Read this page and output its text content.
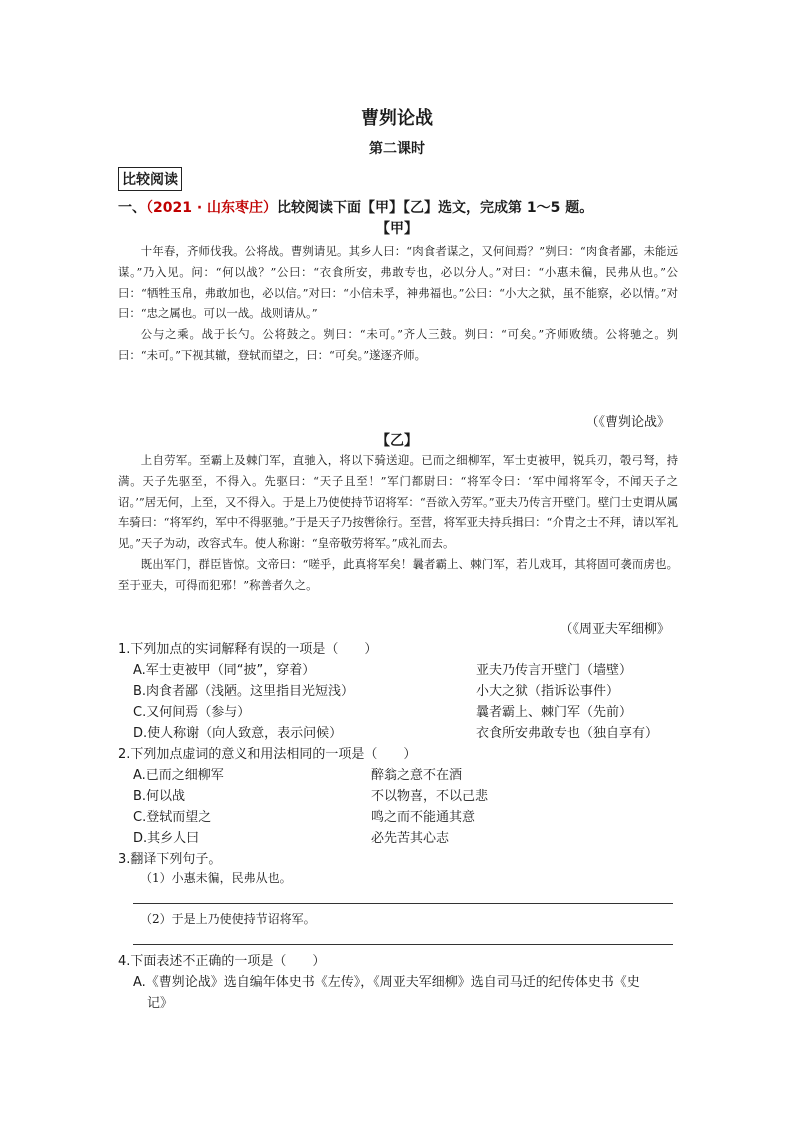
曹刿论战
第二课时
比较阅读
一、（2021 · 山东枣庄）比较阅读下面【甲】【乙】选文，完成第 1～5 题。
【甲】

十年春，齐师伐我。公将战。曹刿请见。其乡人曰：“肉食者谋之，又何间焉？”刿曰：“肉食者鄙，未能远谋。”乃入见。问：“何以战？”公曰：“衣食所安，弗敢专也，必以分人。”对曰：“小惠未徧，民弗从也。”公曰：“牺牲玉帛，弗敢加也，必以信。”对曰：“小信未孚，神弗福也。”公曰：“小大之狱，虽不能察，必以情。”对曰：“忠之属也。可以一战。战则请从。”

公与之乘。战于长勺。公将鼓之。刿曰：“未可。”齐人三鼓。刿曰：“可矣。”齐师败绩。公将驰之。刿曰：“未可。”下视其辙，登轼而望之，曰：“可矣。”遂逐齐师。

（《曹刿论战》
【乙】

上自劳军。至霸上及棘门军，直驰入，将以下骑送迎。已而之细柳军，军士吏被甲，锐兵刃，彀弓弩，持满。天子先驱至，不得入。先驱曰：“天子且至！”军门都尉曰：“将军令曰：‘军中闻将军令，不闻天子之诏。’”居无何，上至，又不得入。于是上乃使使持节诏将军：“吾欲入劳军。”亚夫乃传言开壁门。壁门士吏谓从属车骑曰：“将军约，军中不得驱驰。”于是天子乃按辔徐行。至营，将军亚夫持兵揖曰：“介胄之士不拜，请以军礼见。”天子为动，改容式车。使人称谢：“皇帝敬劳将军。”成礼而去。

既出军门，群臣皆惊。文帝曰：“嗟乎，此真将军矣！曩者霸上、棘门军，若儿戏耳，其将固可袭而虏也。至于亚夫，可得而犯邪！”称善者久之。

（《周亚夫军细柳》
1.下列加点的实词解释有误的一项是（　　）
A.军士吏被甲（同“披”，穿着）	亚夫乃传言开壁门（墙壁）
B.肉食者鄙（浅陋。这里指目光短浅）	小大之狱（指诉讼事件）
C.又何间焉（参与）	曩者霸上、棘门军（先前）
D.使人称谢（向人致意，表示问候）	衣食所安弗敢专也（独自享有）
2.下列加点虚词的意义和用法相同的一项是（　　）
A.已而之细柳军	醉翁之意不在酒
B.何以战	不以物喜，不以己悲
C.登轼而望之	鸣之而不能通其意
D.其乡人曰	必先苦其心志
3.翻译下列句子。
（1）小惠未徧，民弗从也。
（2）于是上乃使使持节诏将军。
4.下面表述不正确的一项是（　　）
A.《曹刿论战》选自编年体史书《左传》，《周亚夫军细柳》选自司马迁的纪传体史书《史
记》
